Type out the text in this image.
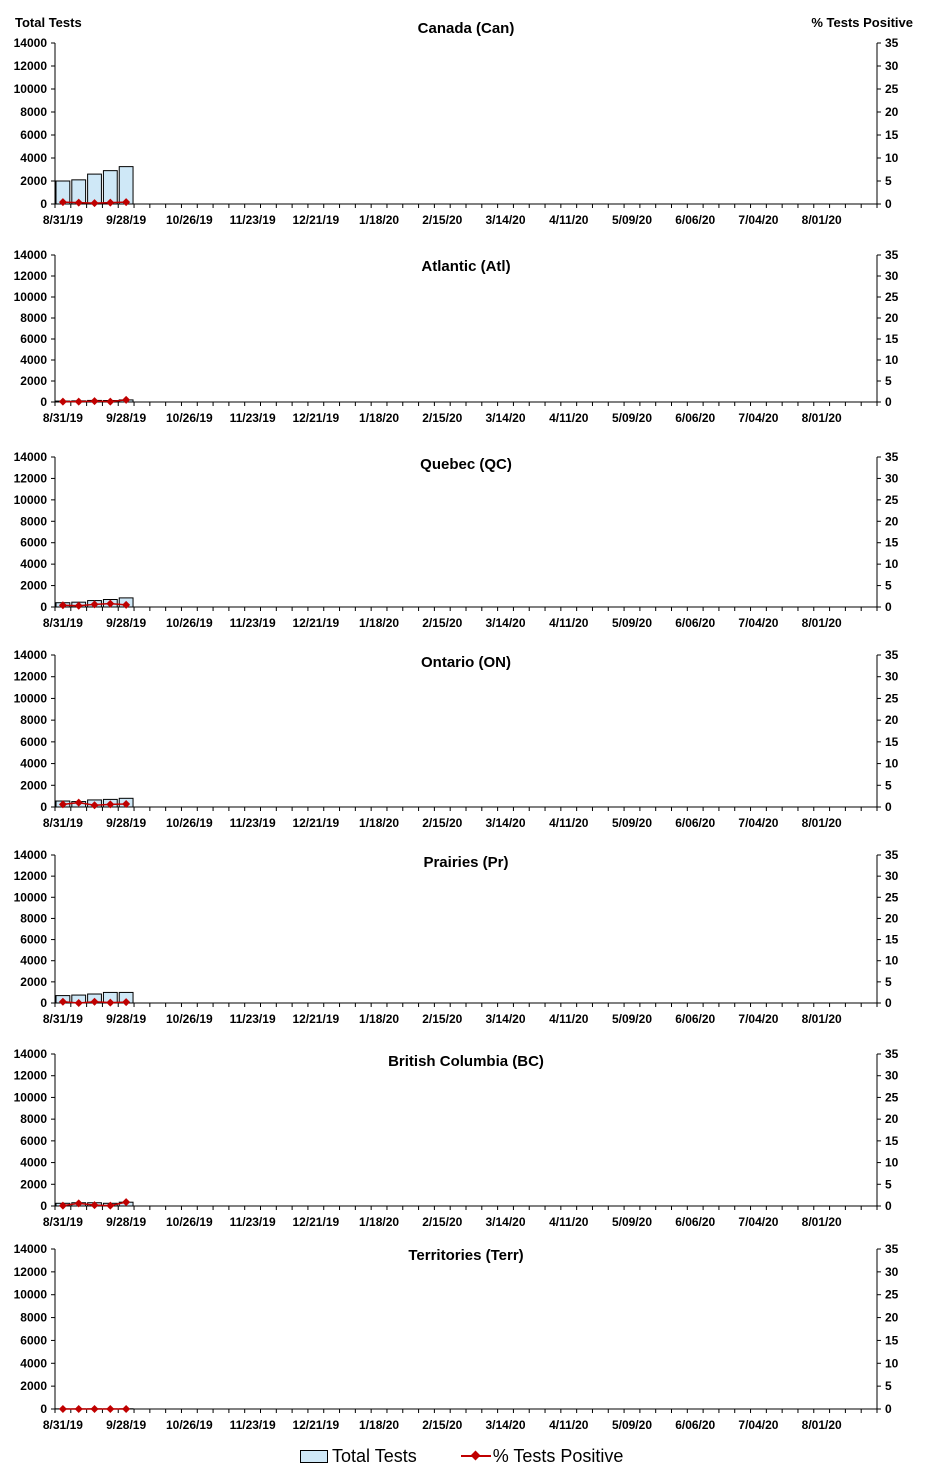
Total Tests	% Tests Positive
Canada (Can)
0
2000
4000
6000
8000
10000
12000
14000
0
5
10
15
20
25
30
35
8/31/19 9/28/19 10/26/19 11/23/19 12/21/19 1/18/20 2/15/20 3/14/20 4/11/20 5/09/20 6/06/20 7/04/20 8/01/20
Atlantic (Atl)
0
2000
4000
6000
8000
10000
12000
14000
0
5
10
15
20
25
30
35
8/31/19 9/28/19 10/26/19 11/23/19 12/21/19 1/18/20 2/15/20 3/14/20 4/11/20 5/09/20 6/06/20 7/04/20 8/01/20
Quebec (QC)
0
2000
4000
6000
8000
10000
12000
14000
0
5
10
15
20
25
30
35
8/31/19 9/28/19 10/26/19 11/23/19 12/21/19 1/18/20 2/15/20 3/14/20 4/11/20 5/09/20 6/06/20 7/04/20 8/01/20
Ontario (ON)
0
2000
4000
6000
8000
10000
12000
14000
0
5
10
15
20
25
30
35
8/31/19 9/28/19 10/26/19 11/23/19 12/21/19 1/18/20 2/15/20 3/14/20 4/11/20 5/09/20 6/06/20 7/04/20 8/01/20
Prairies (Pr)
0
2000
4000
6000
8000
10000
12000
14000
0
5
10
15
20
25
30
35
8/31/19 9/28/19 10/26/19 11/23/19 12/21/19 1/18/20 2/15/20 3/14/20 4/11/20 5/09/20 6/06/20 7/04/20 8/01/20
British Columbia (BC)
0
2000
4000
6000
8000
10000
12000
14000
0
5
10
15
20
25
30
35
8/31/19 9/28/19 10/26/19 11/23/19 12/21/19 1/18/20 2/15/20 3/14/20 4/11/20 5/09/20 6/06/20 7/04/20 8/01/20
Territories (Terr)
0
2000
4000
6000
8000
10000
12000
14000
0
5
10
15
20
25
30
35
8/31/19 9/28/19 10/26/19 11/23/19 12/21/19 1/18/20 2/15/20 3/14/20 4/11/20 5/09/20 6/06/20 7/04/20 8/01/20
Total Tests	% Tests Positive
